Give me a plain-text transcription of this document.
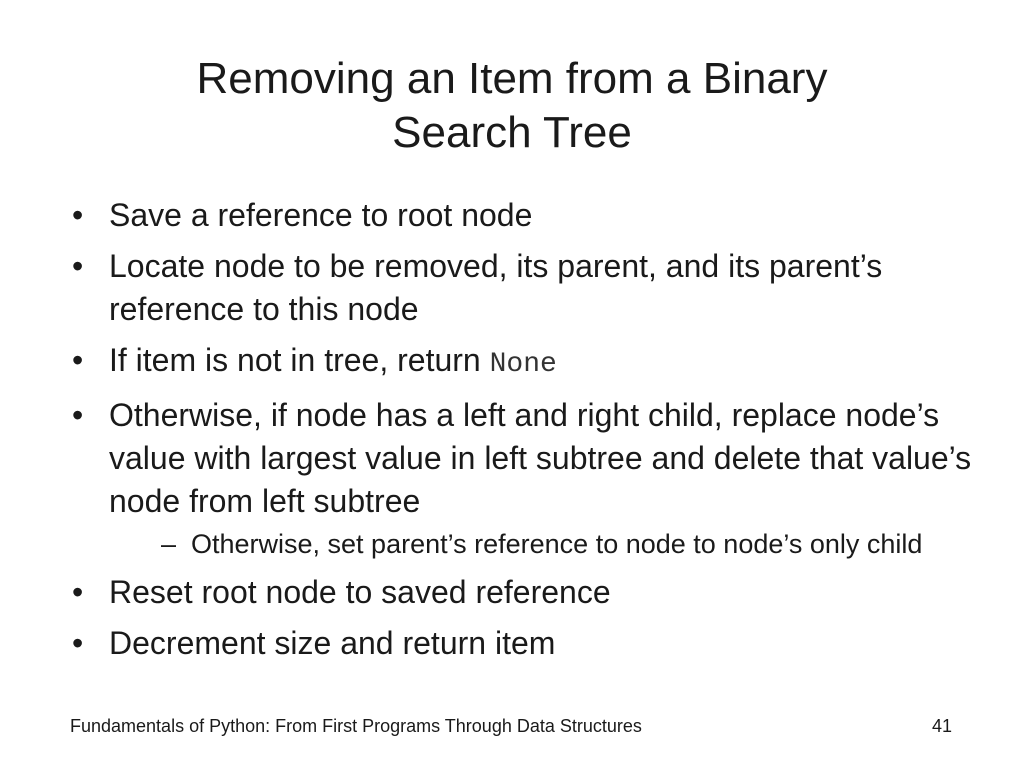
Removing an Item from a Binary
Search Tree
• Save a reference to root node
• Locate node to be removed, its parent, and its parent’s reference to this node
• If item is not in tree, return None
• Otherwise, if node has a left and right child, replace node’s value with largest value in left subtree and delete that value’s node from left subtree
– Otherwise, set parent’s reference to node to node’s only child
• Reset root node to saved reference
• Decrement size and return item
Fundamentals of Python: From First Programs Through Data Structures	41
